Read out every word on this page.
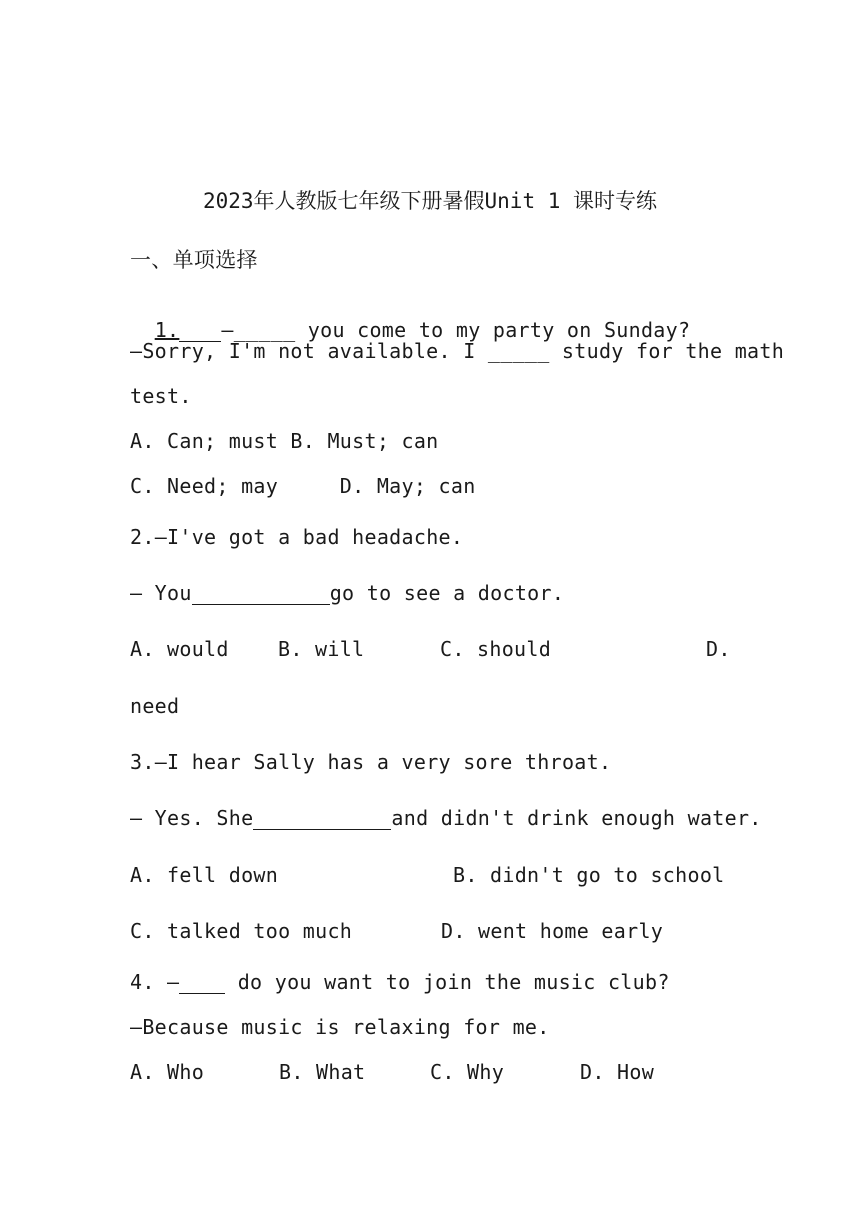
2023年人教版七年级下册暑假Unit 1 课时专练
一、单项选择

1. —_____ you come to my party on Sunday?

—Sorry, I'm not available. I _____ study for the math
test.
A. Can; must B. Must; can
C. Need; may     D. May; can
2.—I've got a bad headache.
— You	go to see a doctor.
A. would B. will	C. should	D.
need
3.—I hear Sally has a very sore throat.
— Yes. She	and didn't drink enough water.
A. fell down	B. didn't go to school
C. talked too much	D. went home early
4. —	do you want to join the music club?
—Because music is relaxing for me.
A. Who	B. What	C. Why	D. How
